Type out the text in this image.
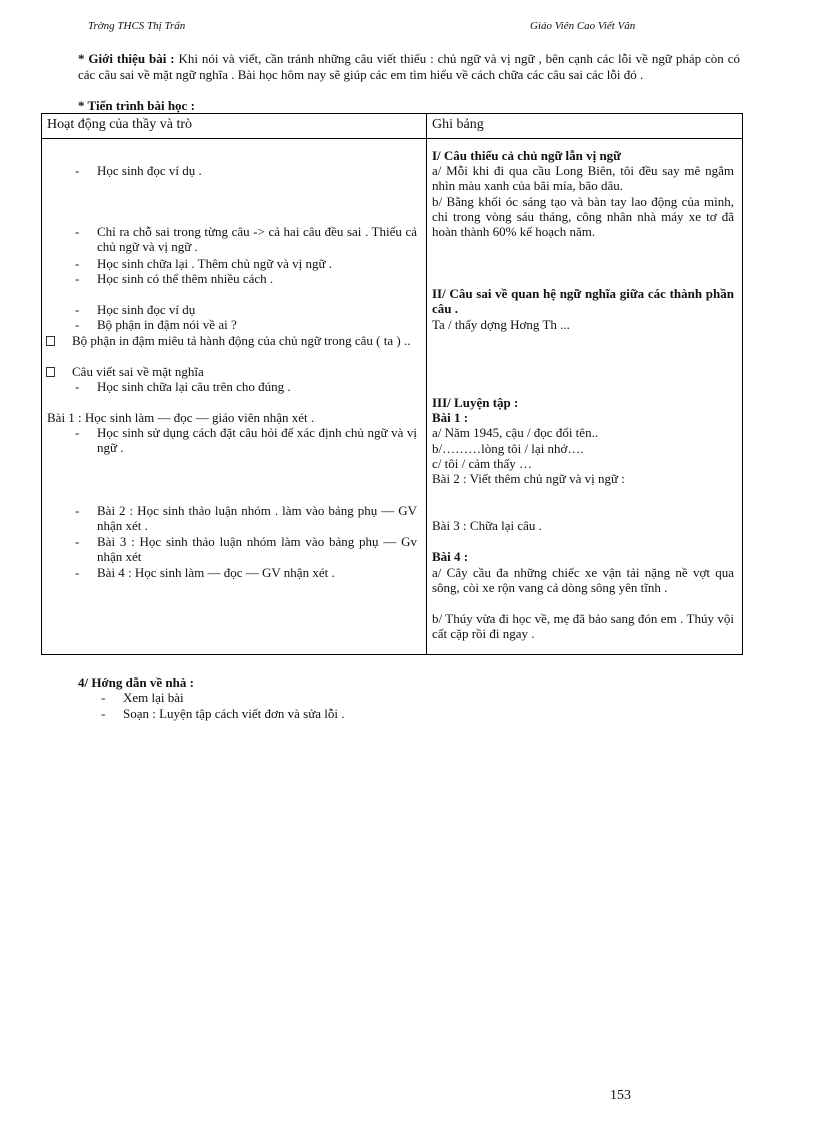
Trờng THCS Thị Trấn	Giáo Viên Cao Viết Vân
* Giới thiệu bài : Khi nói và viết, cần tránh những câu viết thiếu : chủ ngữ và vị ngữ , bên cạnh các lỗi về ngữ pháp còn có các câu sai về mặt ngữ nghĩa . Bài học hôm nay sẽ giúp các em tìm hiểu về cách chữa các câu sai các lỗi đó .
* Tiến trình bài học :
Hoạt động của thầy và trò	Ghi bảng
- Học sinh đọc ví dụ .
- Chỉ ra chỗ sai trong từng câu -> cả hai câu đều sai . Thiếu cả chủ ngữ và vị ngữ .
- Học sinh chữa lại . Thêm chủ ngữ và vị ngữ .
- Học sinh có thể thêm nhiều cách .
- Học sinh đọc ví dụ
- Bộ phận in đậm nói về ai ?
Bộ phận in đậm miêu tả hành động của chủ ngữ trong câu ( ta ) ..
Câu viết sai về mặt nghĩa
- Học sinh chữa lại câu trên cho đúng .
Bài 1 : Học sinh làm — đọc — giáo viên nhận xét .
- Học sinh sử dụng cách đặt câu hỏi để xác định chủ ngữ và vị ngữ .
- Bài 2 : Học sinh thảo luận nhóm . làm vào bảng phụ — GV nhận xét .
- Bài 3 : Học sinh thảo luận nhóm làm vào bảng phụ — Gv nhận xét
- Bài 4 : Học sinh làm — đọc — GV nhận xét .
I/ Câu thiếu cả chủ ngữ lẫn vị ngữ
a/ Mỗi khi đi qua cầu Long Biên, tôi đều say mê ngắm nhìn màu xanh của bãi mía, bão dâu.
b/ Bằng khối óc sáng tạo và bàn tay lao động của mình, chỉ trong vòng sáu tháng, công nhân nhà máy xe tơ đã hoàn thành 60% kế hoạch năm.
II/ Câu sai về quan hệ ngữ nghĩa giữa các thành phần câu .
Ta / thấy dợng Hơng Th ...
III/ Luyện tập :
Bài 1 :
a/ Năm 1945, cậu / đọc đổi tên..
b/………lòng tôi / lại nhớ….
c/ tôi / cảm thấy …
Bài 2 : Viết thêm chủ ngữ và vị ngữ :
Bài 3 : Chữa lại câu .
Bài 4 :
a/ Cây cầu đa những chiếc xe vận tải nặng nề vợt qua sông, còi xe rộn vang cả dòng sông yên tĩnh .
b/ Thúy vừa đi học về, mẹ đã bảo sang đón em . Thúy vội cất cặp rồi đi ngay .
4/ Hớng dẫn về nhà :
- Xem lại bài
- Soạn : Luyện tập cách viết đơn và sửa lỗi .
153
